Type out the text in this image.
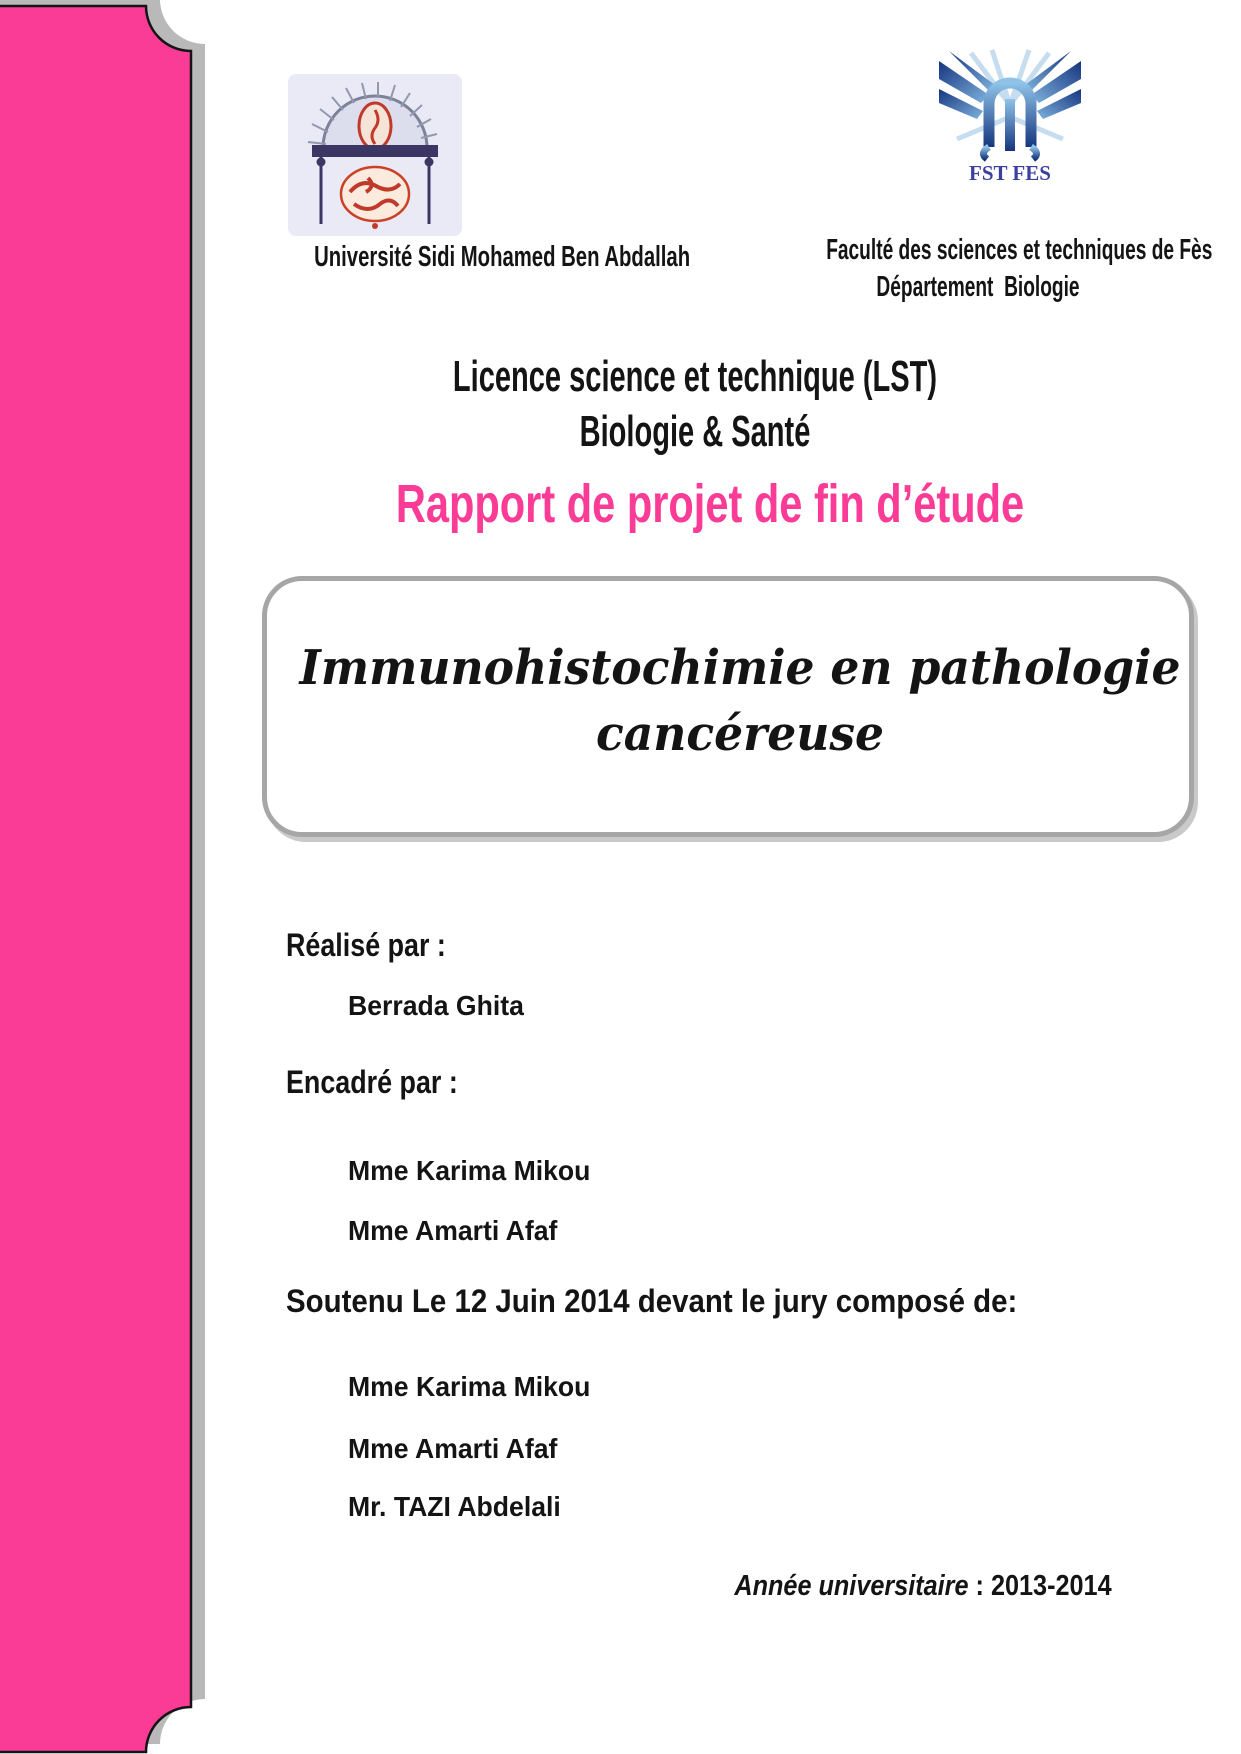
FST FES
Université Sidi Mohamed Ben Abdallah	Faculté des sciences et techniques de Fès
Département  Biologie
Licence science et technique (LST)
Biologie & Santé
Rapport de projet de fin d’étude
Immunohistochimie en pathologie
cancéreuse
Réalisé par :
Berrada Ghita
Encadré par :
Mme Karima Mikou
Mme Amarti Afaf
Soutenu Le 12 Juin 2014 devant le jury composé de:
Mme Karima Mikou
Mme Amarti Afaf
Mr. TAZI Abdelali
Année universitaire : 2013-2014
